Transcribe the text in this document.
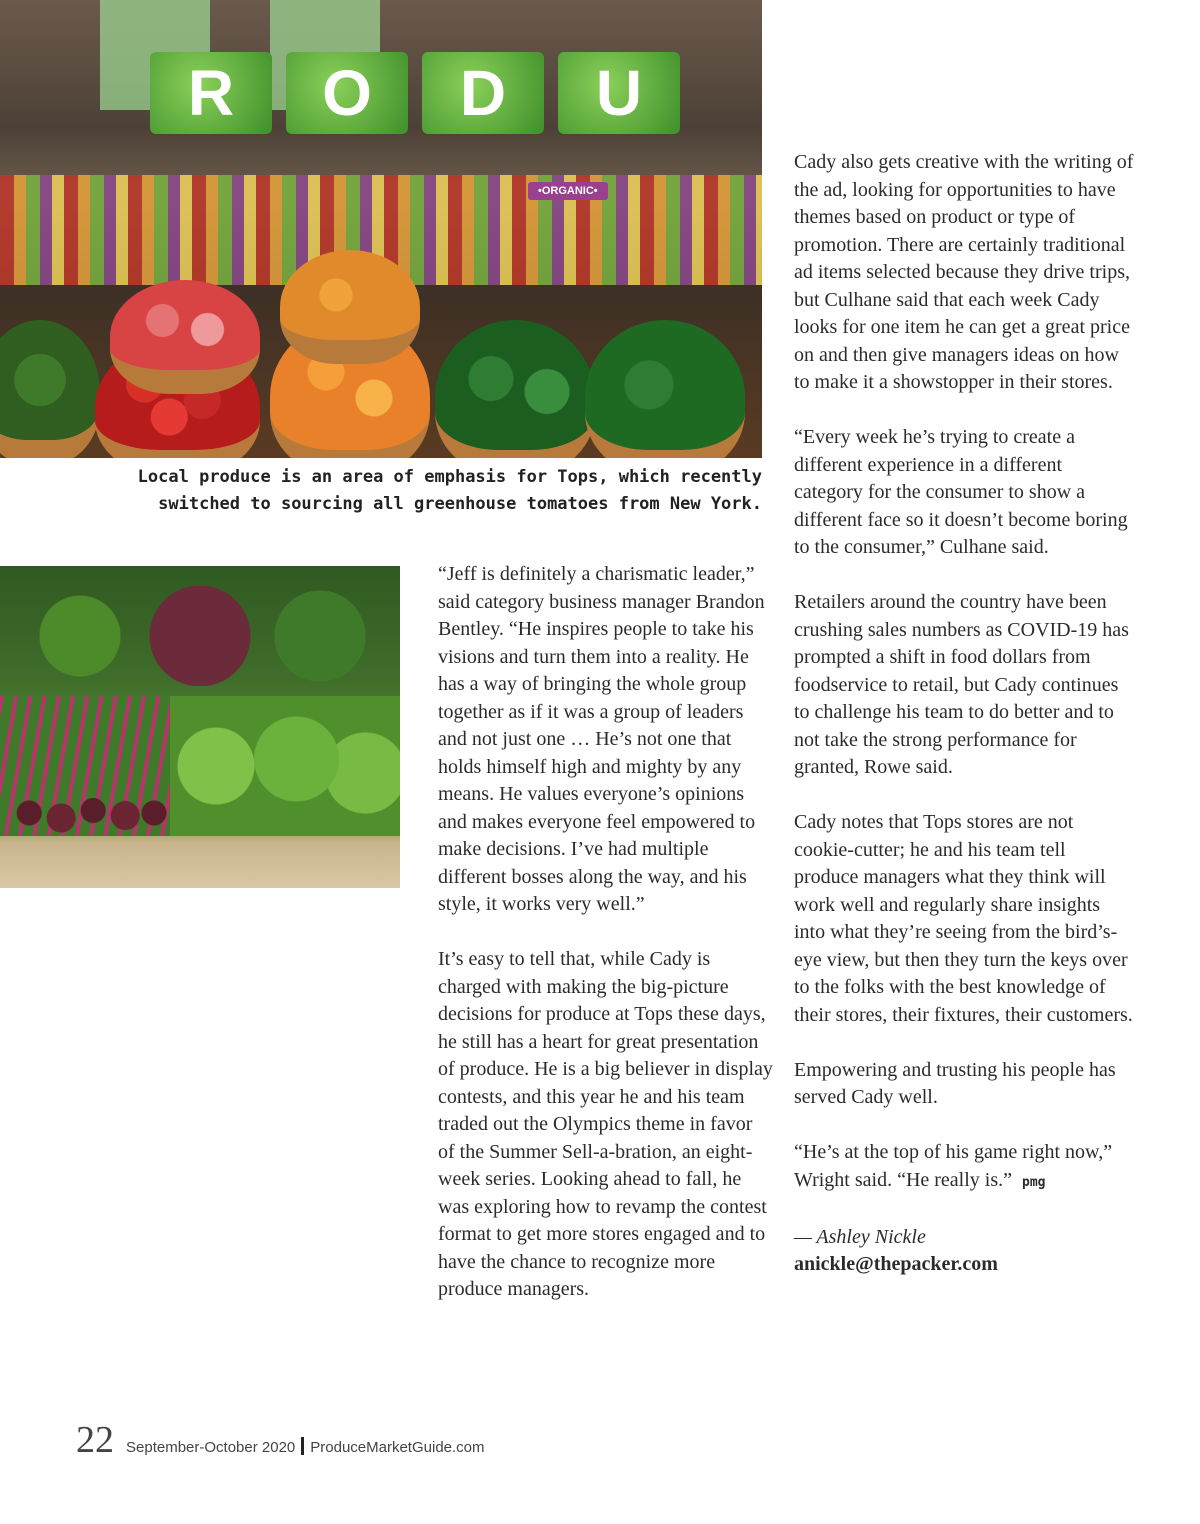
R	O	D	U
•ORGANIC•
Local produce is an area of emphasis for Tops, which recently
switched to sourcing all greenhouse tomatoes from New York.

“Jeff is definitely a charismatic leader,” said category business manager Brandon Bentley. “He inspires people to take his visions and turn them into a reality. He has a way of bringing the whole group together as if it was a group of leaders and not just one … He’s not one that holds himself high and mighty by any means. He values everyone’s opinions and makes everyone feel empowered to make decisions. I’ve had multiple different bosses along the way, and his style, it works very well.”

It’s easy to tell that, while Cady is charged with making the big-picture decisions for produce at Tops these days, he still has a heart for great presentation of produce. He is a big believer in display contests, and this year he and his team traded out the Olympics theme in favor of the Summer Sell-a-bration, an eight-week series. Looking ahead to fall, he was exploring how to revamp the contest format to get more stores engaged and to have the chance to recognize more produce managers.

Cady also gets creative with the writing of the ad, looking for opportunities to have themes based on product or type of promotion. There are certainly traditional ad items selected because they drive trips, but Culhane said that each week Cady looks for one item he can get a great price on and then give managers ideas on how to make it a showstopper in their stores.

“Every week he’s trying to create a different experience in a different category for the consumer to show a different face so it doesn’t become boring to the consumer,” Culhane said.

Retailers around the country have been crushing sales numbers as COVID-19 has prompted a shift in food dollars from foodservice to retail, but Cady continues to challenge his team to do better and to not take the strong performance for granted, Rowe said.

Cady notes that Tops stores are not cookie-cutter; he and his team tell produce managers what they think will work well and regularly share insights into what they’re seeing from the bird’s-eye view, but then they turn the keys over to the folks with the best knowledge of their stores, their fixtures, their customers.

Empowering and trusting his people has served Cady well.

“He’s at the top of his game right now,” Wright said. “He really is.” pmg

— Ashley Nickle
anickle@thepacker.com
22 September-October 2020 ProduceMarketGuide.com
